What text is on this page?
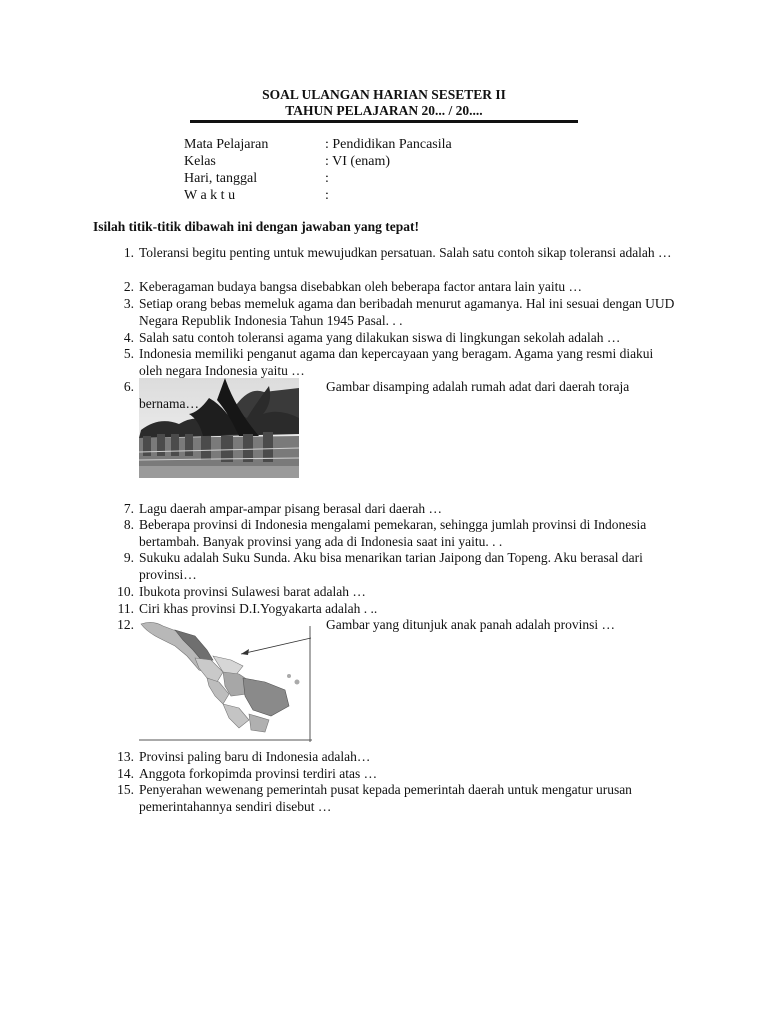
SOAL ULANGAN HARIAN SESETER II
TAHUN PELAJARAN 20... / 20....
Mata Pelajaran	: Pendidikan Pancasila
Kelas	: VI (enam)
Hari, tanggal	:
W a k t u	:
Isilah titik-titik dibawah ini dengan jawaban yang tepat!
1. Toleransi begitu penting untuk mewujudkan persatuan. Salah satu contoh sikap toleransi adalah …
2. Keberagaman budaya bangsa disebabkan oleh beberapa factor antara lain yaitu …
3. Setiap orang bebas memeluk agama dan beribadah menurut agamanya. Hal ini sesuai dengan UUD Negara Republik Indonesia Tahun 1945 Pasal. . .
4. Salah satu contoh toleransi agama yang dilakukan siswa di lingkungan sekolah adalah …
5. Indonesia memiliki penganut agama dan kepercayaan yang beragam. Agama yang resmi diakui oleh negara Indonesia yaitu …
6.	Gambar disamping adalah rumah adat dari daerah toraja
bernama…
7. Lagu daerah ampar-ampar pisang berasal dari daerah …
8. Beberapa provinsi di Indonesia mengalami pemekaran, sehingga jumlah provinsi di Indonesia bertambah. Banyak provinsi yang ada di Indonesia saat ini yaitu. . .
9. Sukuku adalah Suku Sunda. Aku bisa menarikan tarian Jaipong dan Topeng. Aku berasal dari provinsi…
10. Ibukota provinsi Sulawesi barat adalah …
11. Ciri khas provinsi D.I.Yogyakarta adalah . ..
12.	Gambar yang ditunjuk anak panah adalah provinsi …
13. Provinsi paling baru di Indonesia adalah…
14. Anggota forkopimda provinsi terdiri atas …
15. Penyerahan wewenang pemerintah pusat kepada pemerintah daerah untuk mengatur urusan pemerintahannya sendiri disebut …
